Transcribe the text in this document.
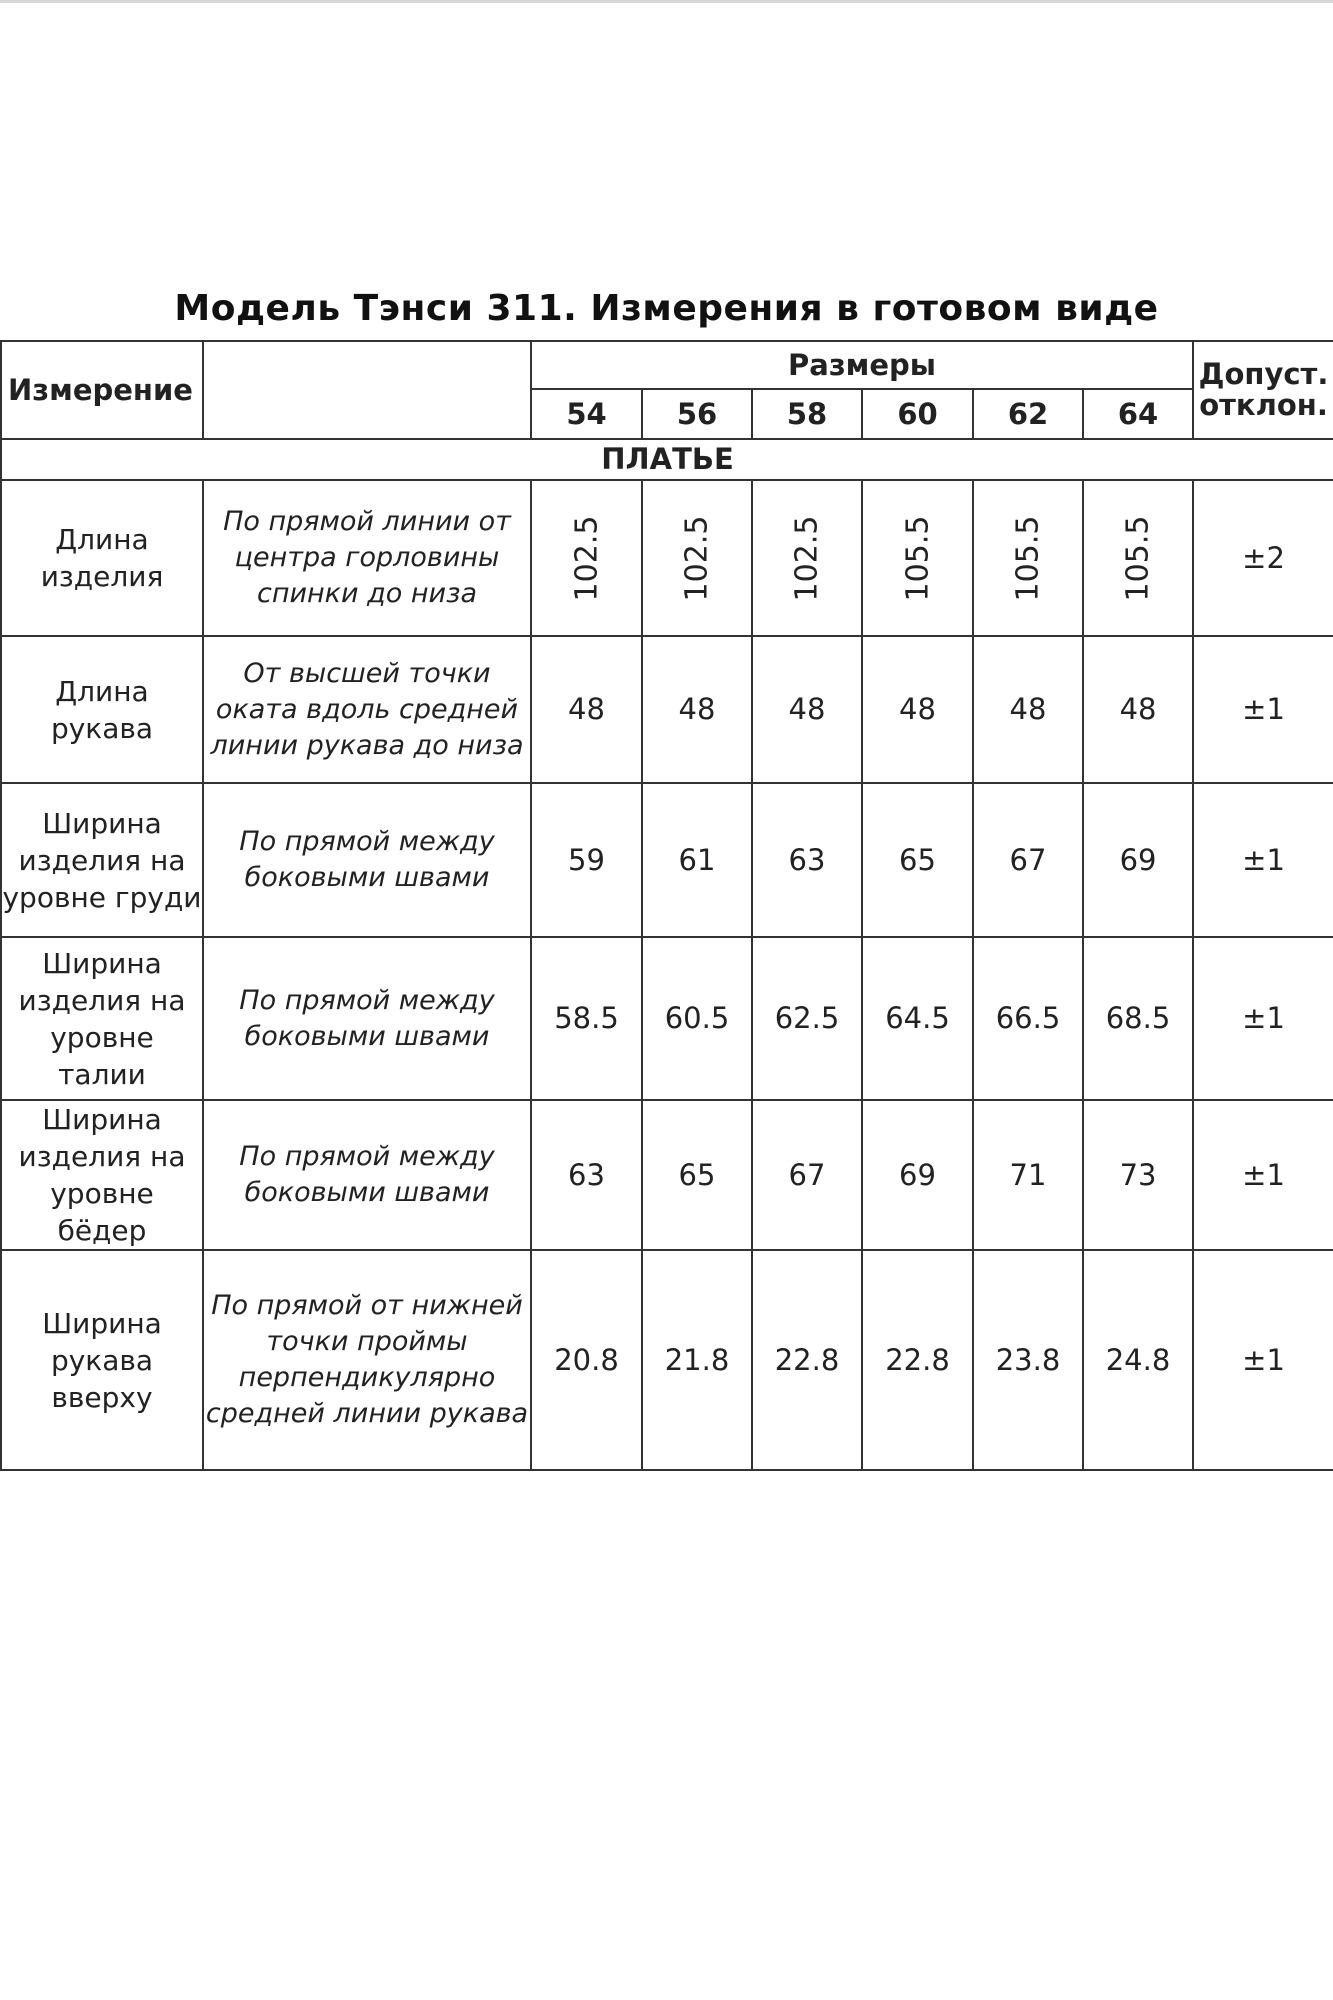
Модель Тэнси 311. Измерения в готовом виде
Измерение		Размеры						Допуст. отклон.
		54	56	58	60	62	64	
ПЛАТЬЕ								
Длина изделия	По прямой линии от центра горловины спинки до низа	102.5	102.5	102.5	105.5	105.5	105.5	±2
Длина рукава	От высшей точки оката вдоль средней линии рукава до низа	48	48	48	48	48	48	±1
Ширина изделия на уровне груди	По прямой между боковыми швами	59	61	63	65	67	69	±1
Ширина изделия на уровне талии	По прямой между боковыми швами	58.5	60.5	62.5	64.5	66.5	68.5	±1
Ширина изделия на уровне бёдер	По прямой между боковыми швами	63	65	67	69	71	73	±1
Ширина рукава вверху	По прямой от нижней точки проймы перпендикулярно средней линии рукава	20.8	21.8	22.8	22.8	23.8	24.8	±1
